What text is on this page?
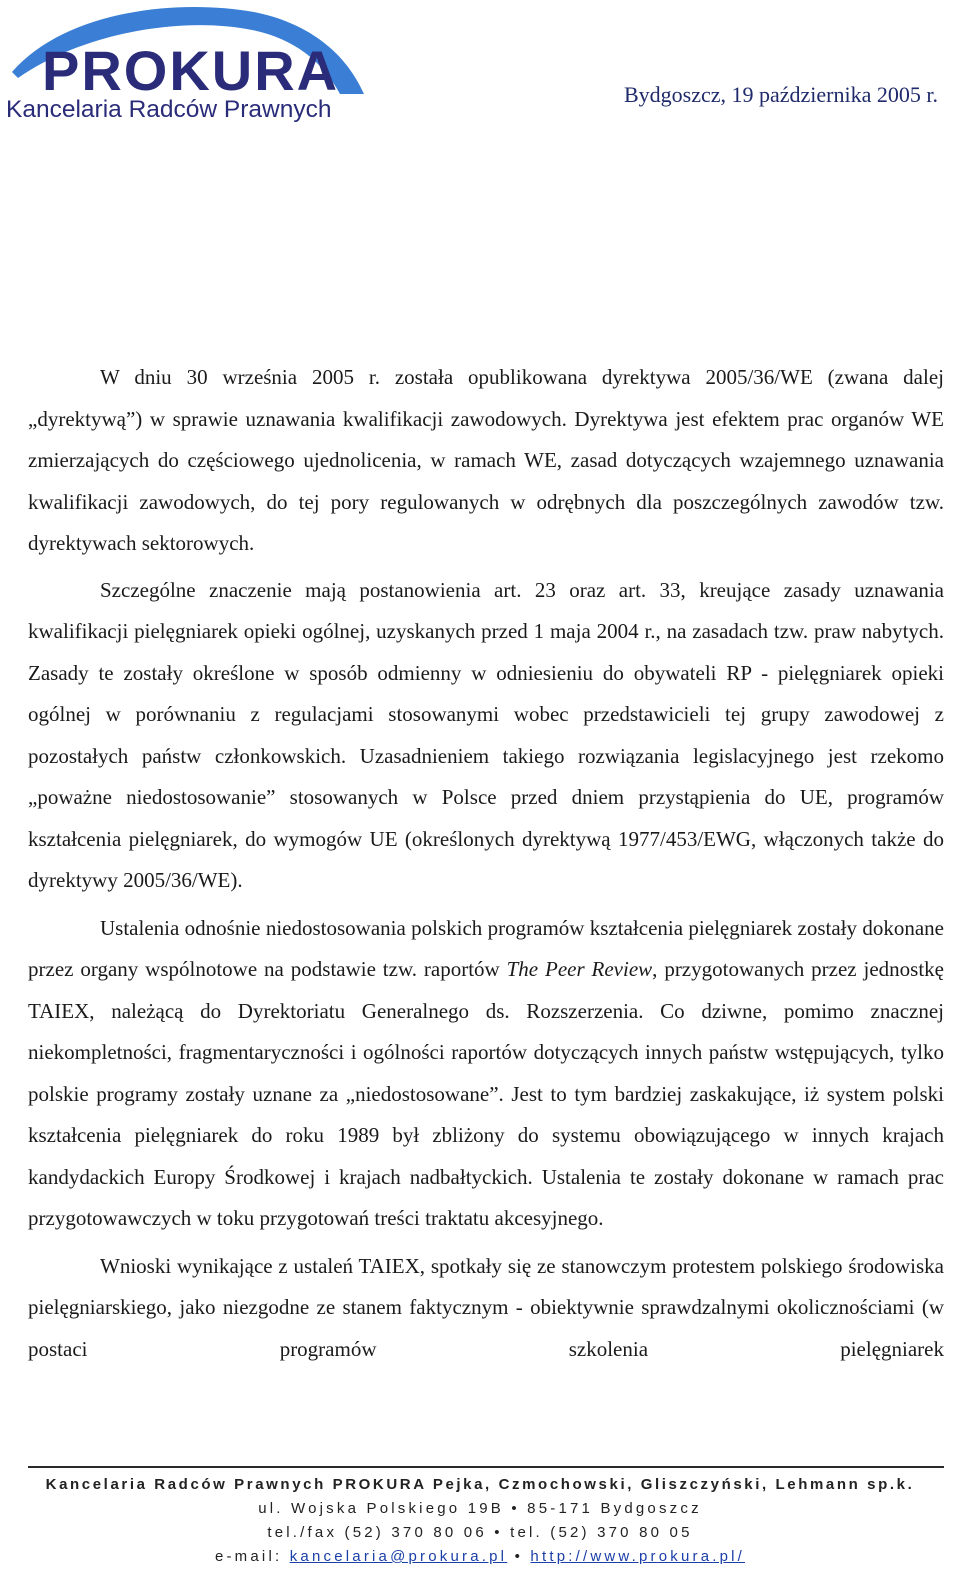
PROKURA
Kancelaria Radców Prawnych
Bydgoszcz, 19 października 2005 r.

W dniu 30 września 2005 r. została opublikowana dyrektywa 2005/36/WE (zwana dalej „dyrektywą”) w sprawie uznawania kwalifikacji zawodowych. Dyrektywa jest efektem prac organów WE zmierzających do częściowego ujednolicenia, w ramach WE, zasad dotyczących wzajemnego uznawania kwalifikacji zawodowych, do tej pory regulowanych w odrębnych dla poszczególnych zawodów tzw. dyrektywach sektorowych.

Szczególne znaczenie mają postanowienia art. 23 oraz art. 33, kreujące zasady uznawania kwalifikacji pielęgniarek opieki ogólnej, uzyskanych przed 1 maja 2004 r., na zasadach tzw. praw nabytych. Zasady te zostały określone w sposób odmienny w odniesieniu do obywateli RP - pielęgniarek opieki ogólnej w porównaniu z regulacjami stosowanymi wobec przedstawicieli tej grupy zawodowej z pozostałych państw członkowskich. Uzasadnieniem takiego rozwiązania legislacyjnego jest rzekomo „poważne niedostosowanie” stosowanych w Polsce przed dniem przystąpienia do UE, programów kształcenia pielęgniarek, do wymogów UE (określonych dyrektywą 1977/453/EWG, włączonych także do dyrektywy 2005/36/WE).

Ustalenia odnośnie niedostosowania polskich programów kształcenia pielęgniarek zostały dokonane przez organy wspólnotowe na podstawie tzw. raportów The Peer Review, przygotowanych przez jednostkę TAIEX, należącą do Dyrektoriatu Generalnego ds. Rozszerzenia. Co dziwne, pomimo znacznej niekompletności, fragmentaryczności i ogólności raportów dotyczących innych państw wstępujących, tylko polskie programy zostały uznane za „niedostosowane”. Jest to tym bardziej zaskakujące, iż system polski kształcenia pielęgniarek do roku 1989 był zbliżony do systemu obowiązującego w innych krajach kandydackich Europy Środkowej i krajach nadbałtyckich. Ustalenia te zostały dokonane w ramach prac przygotowawczych w toku przygotowań treści traktatu akcesyjnego.

Wnioski wynikające z ustaleń TAIEX, spotkały się ze stanowczym protestem polskiego środowiska pielęgniarskiego, jako niezgodne ze stanem faktycznym - obiektywnie sprawdzalnymi okolicznościami (w postaci programów szkolenia pielęgniarek

Kancelaria Radców Prawnych PROKURA Pejka, Czmochowski, Gliszczyński, Lehmann sp.k.
ul. Wojska Polskiego 19B • 85-171 Bydgoszcz
tel./fax (52) 370 80 06 • tel. (52) 370 80 05
e-mail: kancelaria@prokura.pl • http://www.prokura.pl/
